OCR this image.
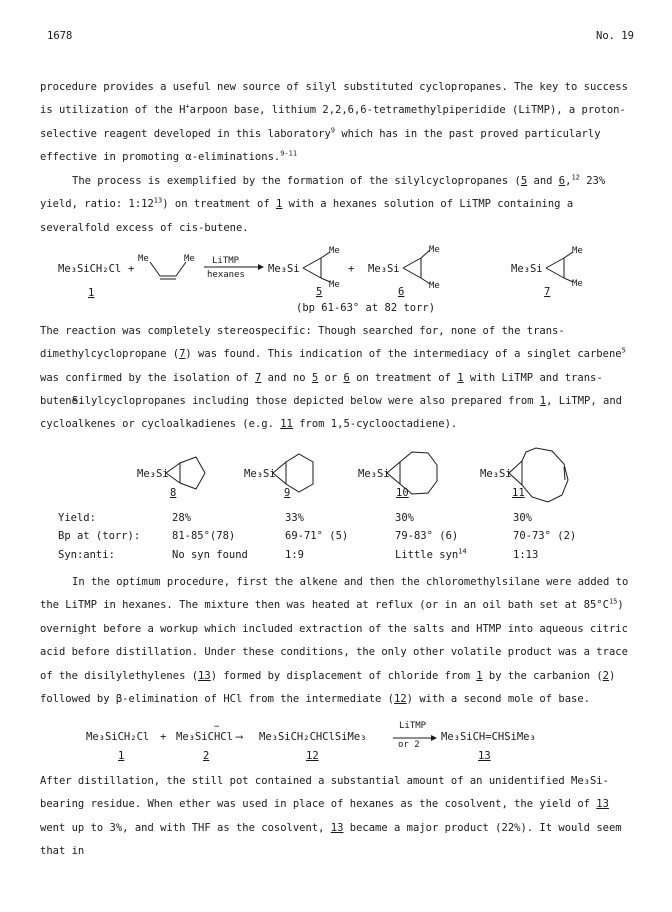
1678	No. 19

procedure provides a useful new source of silyl substituted cyclopropanes. The key to success is utilization of the H+arpoon base, lithium 2,2,6,6-tetramethylpiperidide (LiTMP), a proton-selective reagent developed in this laboratory$^9$ which has in the past proved particularly effective in promoting α-eliminations.$^{9-11}$

The process is exemplified by the formation of the silylcyclopropanes (5 and 6,12 23% yield, ratio: $1:12^{13}$) on treatment of 1 with a hexanes solution of LiTMP containing a severalfold excess of cis-butene.

Me₃SiCH₂Cl +
Me	Me LiTMP
hexanes Me₃Si
Me
Me
+ Me₃Si
Me
Me
Me₃Si
Me
Me
1	5	6	7
(bp 61-63° at 82 torr)

The reaction was completely stereospecific: Though searched for, none of the trans-dimethylcyclopropane (7) was found. This indication of the intermediacy of a singlet carbene$^5$ was confirmed by the isolation of 7 and no 5 or 6 on treatment of 1 with LiTMP and trans-butene.

Silylcyclopropanes including those depicted below were also prepared from 1, LiTMP, and cycloalkenes or cycloalkadienes (e.g. 11 from 1,5-cyclooctadiene).

Me₃Si	Me₃Si	Me₃Si	Me₃Si
8	9	10	11
Yield:	28%	33%	30%	30%
Bp at (torr):	81-85°(78)	69-71° (5)	79-83° (6)	70-73° (2)
Syn:anti:	No syn found	1:9	Little syn$^{14}$	1:13

In the optimum procedure, first the alkene and then the chloromethylsilane were added to the LiTMP in hexanes. The mixture then was heated at reflux (or in an oil bath set at $85^\circ C^{15}$) overnight before a workup which included extraction of the salts and HTMP into aqueous citric acid before distillation. Under these conditions, the only other volatile product was a trace of the disilylethylenes (13) formed by displacement of chloride from 1 by the carbanion (2) followed by β-elimination of HCl from the intermediate (12) with a second mole of base.

Me₃SiCH₂Cl + Me₃SiC
−
HCl ⟶ Me₃SiCH₂CHClSiMe₃
LiTMP
or 2
Me₃SiCH=CHSiMe₃
1	2	12	13

After distillation, the still pot contained a substantial amount of an unidentified Me₃Si-bearing residue. When ether was used in place of hexanes as the cosolvent, the yield of 13 went up to 3%, and with THF as the cosolvent, 13 became a major product (22%). It would seem that in
